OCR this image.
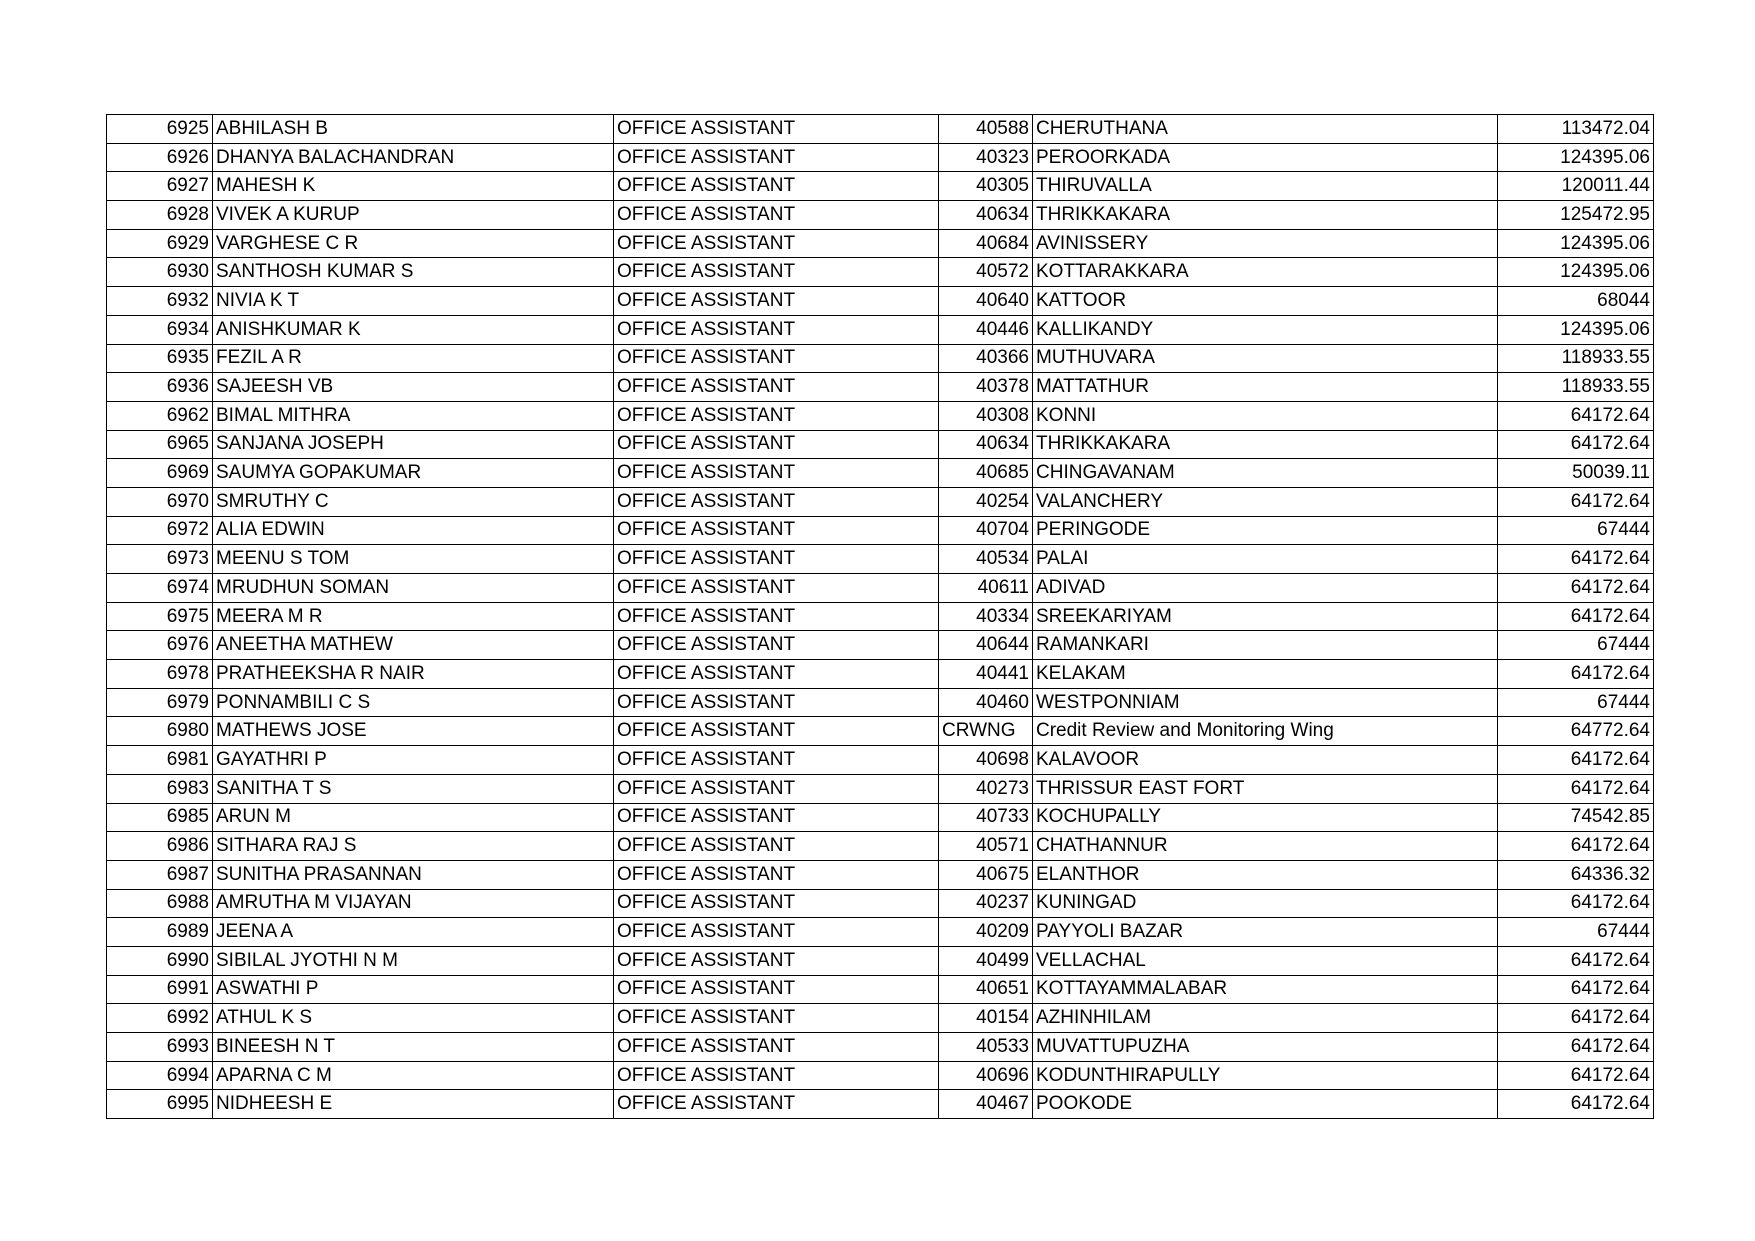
6925	ABHILASH B	OFFICE ASSISTANT	40588	CHERUTHANA	113472.04
6926	DHANYA BALACHANDRAN	OFFICE ASSISTANT	40323	PEROORKADA	124395.06
6927	MAHESH K	OFFICE ASSISTANT	40305	THIRUVALLA	120011.44
6928	VIVEK A KURUP	OFFICE ASSISTANT	40634	THRIKKAKARA	125472.95
6929	VARGHESE C R	OFFICE ASSISTANT	40684	AVINISSERY	124395.06
6930	SANTHOSH KUMAR S	OFFICE ASSISTANT	40572	KOTTARAKKARA	124395.06
6932	NIVIA K T	OFFICE ASSISTANT	40640	KATTOOR	68044
6934	ANISHKUMAR K	OFFICE ASSISTANT	40446	KALLIKANDY	124395.06
6935	FEZIL A R	OFFICE ASSISTANT	40366	MUTHUVARA	118933.55
6936	SAJEESH VB	OFFICE ASSISTANT	40378	MATTATHUR	118933.55
6962	BIMAL MITHRA	OFFICE ASSISTANT	40308	KONNI	64172.64
6965	SANJANA JOSEPH	OFFICE ASSISTANT	40634	THRIKKAKARA	64172.64
6969	SAUMYA GOPAKUMAR	OFFICE ASSISTANT	40685	CHINGAVANAM	50039.11
6970	SMRUTHY C	OFFICE ASSISTANT	40254	VALANCHERY	64172.64
6972	ALIA EDWIN	OFFICE ASSISTANT	40704	PERINGODE	67444
6973	MEENU S TOM	OFFICE ASSISTANT	40534	PALAI	64172.64
6974	MRUDHUN SOMAN	OFFICE ASSISTANT	40611	ADIVAD	64172.64
6975	MEERA M R	OFFICE ASSISTANT	40334	SREEKARIYAM	64172.64
6976	ANEETHA MATHEW	OFFICE ASSISTANT	40644	RAMANKARI	67444
6978	PRATHEEKSHA R NAIR	OFFICE ASSISTANT	40441	KELAKAM	64172.64
6979	PONNAMBILI C S	OFFICE ASSISTANT	40460	WESTPONNIAM	67444
6980	MATHEWS JOSE	OFFICE ASSISTANT	CRWNG	Credit Review and Monitoring Wing	64772.64
6981	GAYATHRI P	OFFICE ASSISTANT	40698	KALAVOOR	64172.64
6983	SANITHA T S	OFFICE ASSISTANT	40273	THRISSUR EAST FORT	64172.64
6985	ARUN M	OFFICE ASSISTANT	40733	KOCHUPALLY	74542.85
6986	SITHARA RAJ S	OFFICE ASSISTANT	40571	CHATHANNUR	64172.64
6987	SUNITHA PRASANNAN	OFFICE ASSISTANT	40675	ELANTHOR	64336.32
6988	AMRUTHA M VIJAYAN	OFFICE ASSISTANT	40237	KUNINGAD	64172.64
6989	JEENA A	OFFICE ASSISTANT	40209	PAYYOLI BAZAR	67444
6990	SIBILAL JYOTHI N M	OFFICE ASSISTANT	40499	VELLACHAL	64172.64
6991	ASWATHI P	OFFICE ASSISTANT	40651	KOTTAYAMMALABAR	64172.64
6992	ATHUL K S	OFFICE ASSISTANT	40154	AZHINHILAM	64172.64
6993	BINEESH N T	OFFICE ASSISTANT	40533	MUVATTUPUZHA	64172.64
6994	APARNA C M	OFFICE ASSISTANT	40696	KODUNTHIRAPULLY	64172.64
6995	NIDHEESH E	OFFICE ASSISTANT	40467	POOKODE	64172.64
